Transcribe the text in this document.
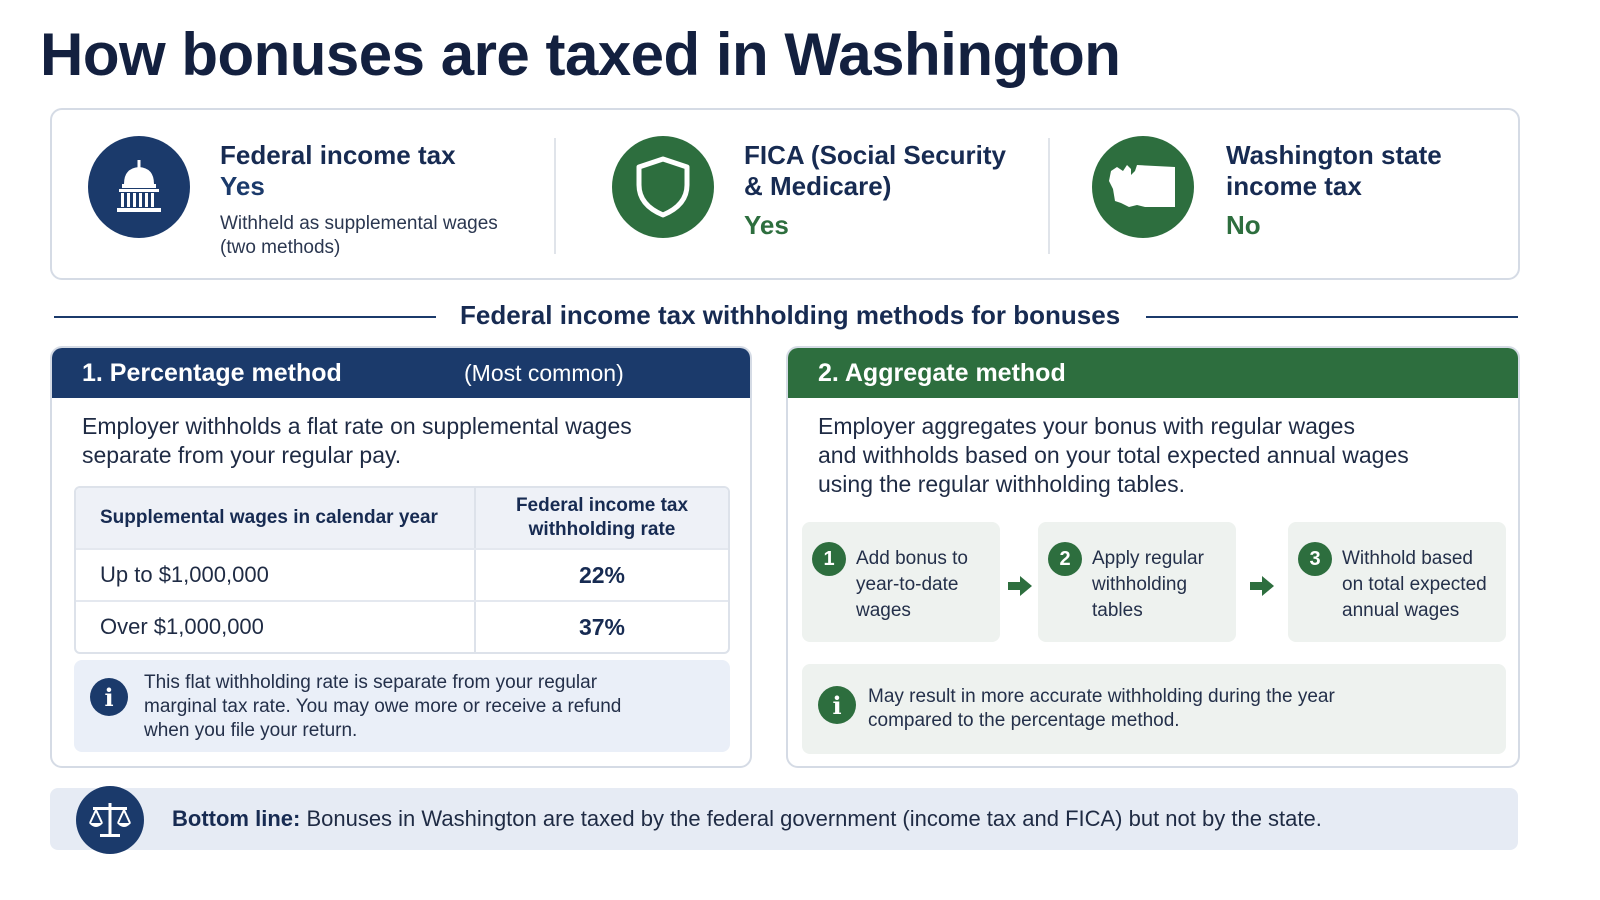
How bonuses are taxed in Washington
Federal income tax
Yes
Withheld as supplemental wages
(two methods)
FICA (Social Security
& Medicare)
Yes
Washington state
income tax
No
Federal income tax withholding methods for bonuses
1. Percentage method	(Most common)
Employer withholds a flat rate on supplemental wages
separate from your regular pay.
Supplemental wages in calendar year
Federal income tax
withholding rate
Up to $1,000,000	22%
Over $1,000,000	37%
i	This flat withholding rate is separate from your regular
marginal tax rate. You may owe more or receive a refund
when you file your return.
2. Aggregate method
Employer aggregates your bonus with regular wages
and withholds based on your total expected annual wages
using the regular withholding tables.
1	Add bonus to
year-to-date
wages
2	Apply regular
withholding
tables
3	Withhold based
on total expected
annual wages
i	May result in more accurate withholding during the year
compared to the percentage method.
Bottom line: Bonuses in Washington are taxed by the federal government (income tax and FICA) but not by the state.
